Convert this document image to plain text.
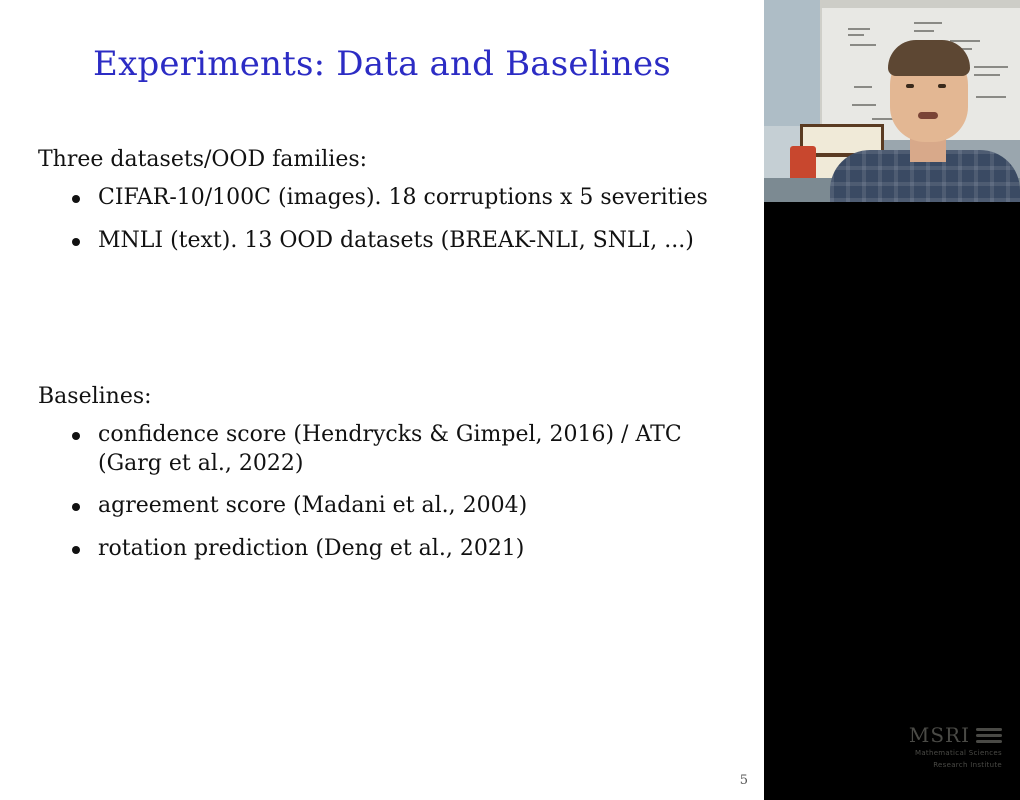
Experiments: Data and Baselines

Three datasets/OOD families:

CIFAR-10/100C (images). 18 corruptions x 5 severities
MNLI (text). 13 OOD datasets (BREAK-NLI, SNLI, ...)

Baselines:

confidence score (Hendrycks & Gimpel, 2016) / ATC (Garg et al., 2022)
agreement score (Madani et al., 2004)
rotation prediction (Deng et al., 2021)
MSRI
Mathematical Sciences
Research Institute
5
